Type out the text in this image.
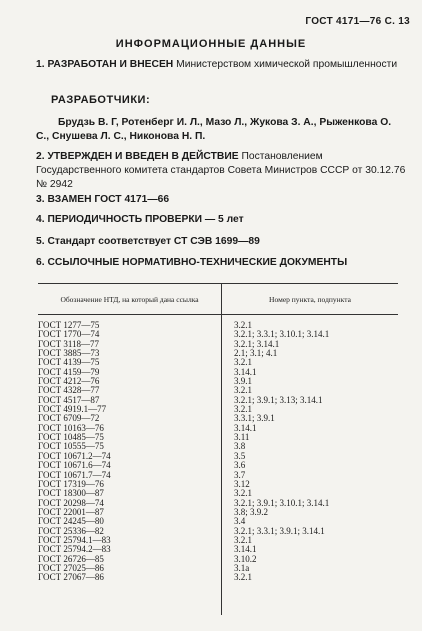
ГОСТ 4171—76 С. 13
ИНФОРМАЦИОННЫЕ ДАННЫЕ
1. РАЗРАБОТАН И ВНЕСЕН Министерством химической промышленности
РАЗРАБОТЧИКИ:
Брудзь В. Г, Ротенберг И. Л., Мазо Л., Жукова З. А., Рыженкова О. С., Снушева Л. С., Никонова Н. П.
2. УТВЕРЖДЕН И ВВЕДЕН В ДЕЙСТВИЕ Постановлением Государственного комитета стандартов Совета Министров СССР от 30.12.76 № 2942
3. ВЗАМЕН ГОСТ 4171—66
4. ПЕРИОДИЧНОСТЬ ПРОВЕРКИ — 5 лет
5. Стандарт соответствует СТ СЭВ 1699—89
6. ССЫЛОЧНЫЕ НОРМАТИВНО-ТЕХНИЧЕСКИЕ ДОКУМЕНТЫ
Обозначение НТД, на который дана ссылка	Номер пункта, подпункта
ГОСТ 1277—75
ГОСТ 1770—74
ГОСТ 3118—77
ГОСТ 3885—73
ГОСТ 4139—75
ГОСТ 4159—79
ГОСТ 4212—76
ГОСТ 4328—77
ГОСТ 4517—87
ГОСТ 4919.1—77
ГОСТ 6709—72
ГОСТ 10163—76
ГОСТ 10485—75
ГОСТ 10555—75
ГОСТ 10671.2—74
ГОСТ 10671.6—74
ГОСТ 10671.7—74
ГОСТ 17319—76
ГОСТ 18300—87
ГОСТ 20298—74
ГОСТ 22001—87
ГОСТ 24245—80
ГОСТ 25336—82
ГОСТ 25794.1—83
ГОСТ 25794.2—83
ГОСТ 26726—85
ГОСТ 27025—86
ГОСТ 27067—86
3.2.1
3.2.1; 3.3.1; 3.10.1; 3.14.1
3.2.1; 3.14.1
2.1; 3.1; 4.1
3.2.1
3.14.1
3.9.1
3.2.1
3.2.1; 3.9.1; 3.13; 3.14.1
3.2.1
3.3.1; 3.9.1
3.14.1
3.11
3.8
3.5
3.6
3.7
3.12
3.2.1
3.2.1; 3.9.1; 3.10.1; 3.14.1
3.8; 3.9.2
3.4
3.2.1; 3.3.1; 3.9.1; 3.14.1
3.2.1
3.14.1
3.10.2
3.1а
3.2.1
